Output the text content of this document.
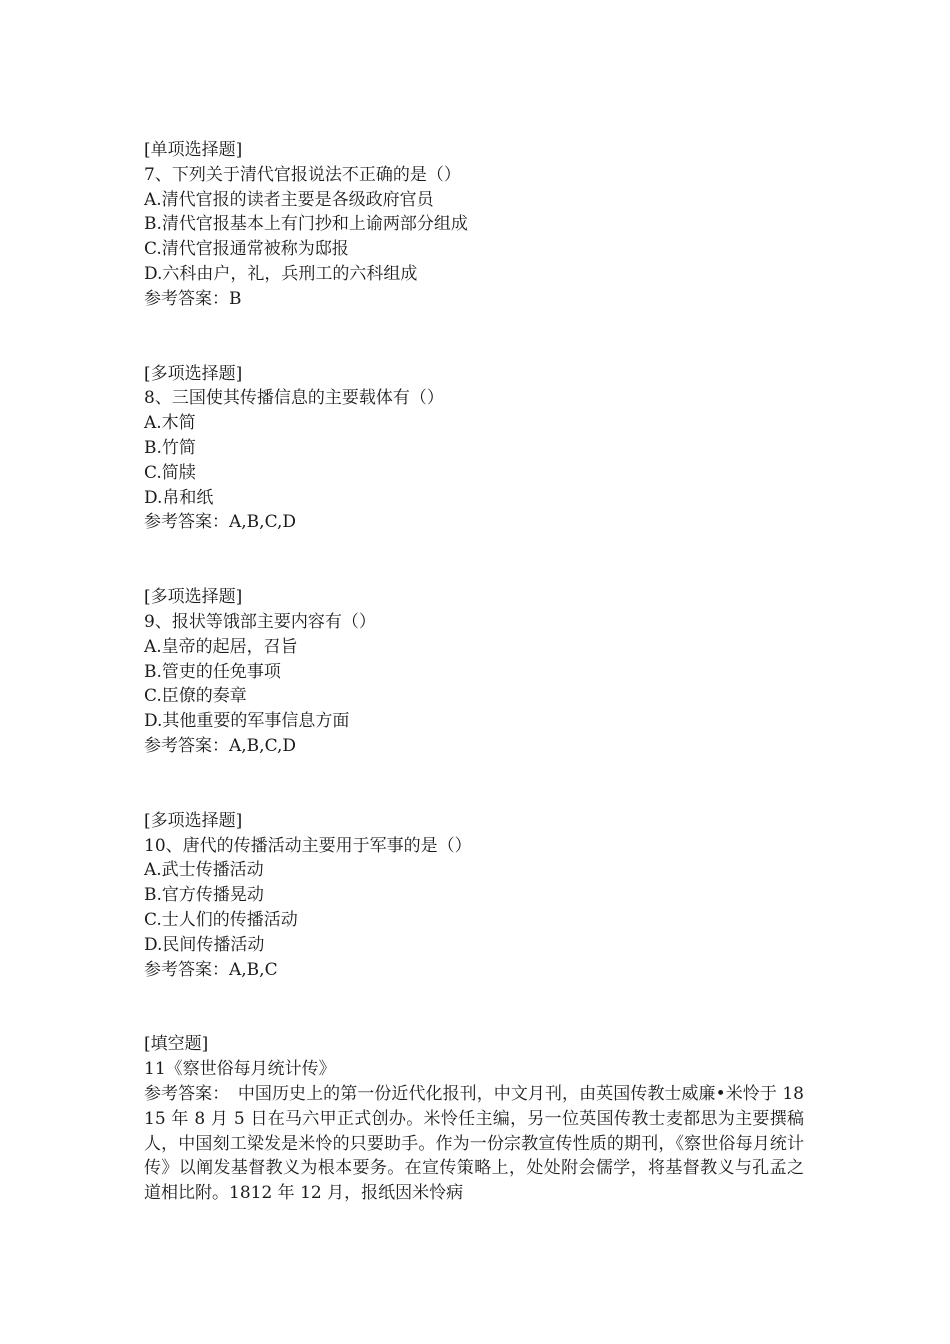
[单项选择题]
7、下列关于清代官报说法不正确的是（）
A.清代官报的读者主要是各级政府官员
B.清代官报基本上有门抄和上谕两部分组成
C.清代官报通常被称为邸报
D.六科由户，礼，兵刑工的六科组成
参考答案：B
[多项选择题]
8、三国使其传播信息的主要载体有（）
A.木简
B.竹简
C.简牍
D.帛和纸
参考答案：A,B,C,D
[多项选择题]
9、报状等饿部主要内容有（）
A.皇帝的起居，召旨
B.管吏的任免事项
C.臣僚的奏章
D.其他重要的军事信息方面
参考答案：A,B,C,D
[多项选择题]
10、唐代的传播活动主要用于军事的是（）
A.武士传播活动
B.官方传播晃动
C.士人们的传播活动
D.民间传播活动
参考答案：A,B,C
[填空题]
11《察世俗每月统计传》
参考答案：　中国历史上的第一份近代化报刊，中文月刊，由英国传教士威廉•米怜于 1815 年 8 月 5 日在马六甲正式创办。米怜任主编，另一位英国传教士麦都思为主要撰稿人，中国刻工梁发是米怜的只要助手。作为一份宗教宣传性质的期刊，《察世俗每月统计传》以阐发基督教义为根本要务。在宣传策略上，处处附会儒学，将基督教义与孔孟之道相比附。1812 年 12 月，报纸因米怜病
